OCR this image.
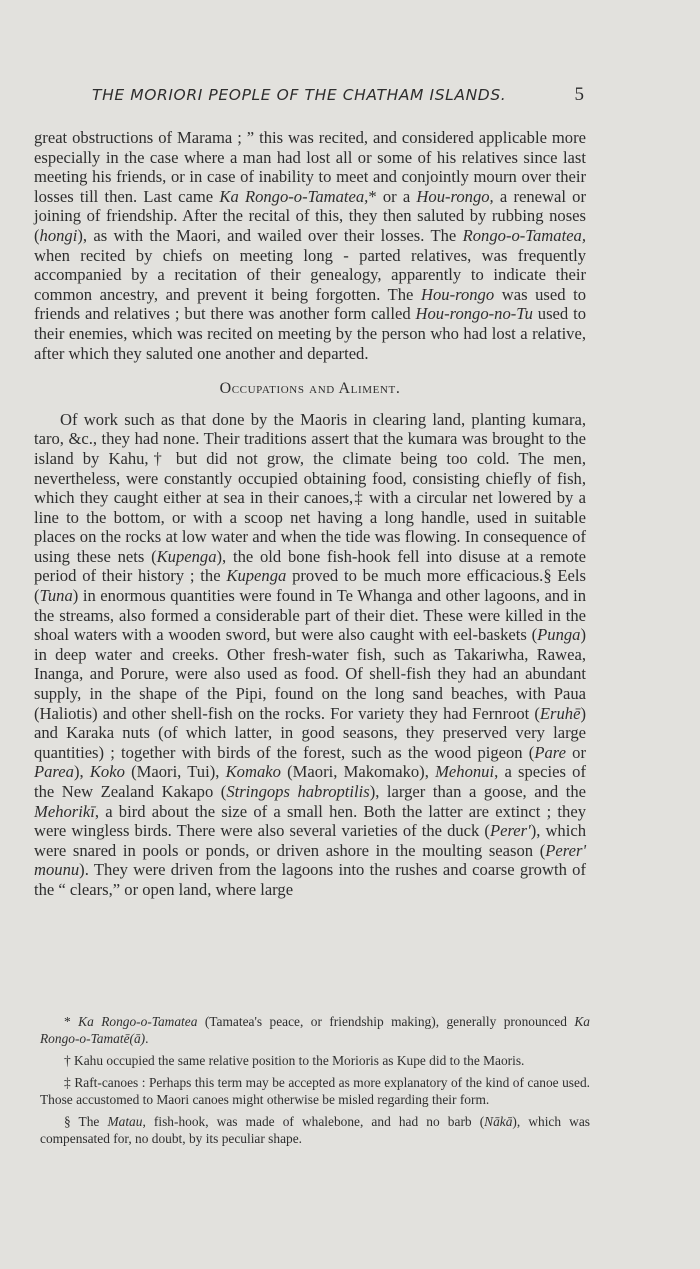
THE MORIORI PEOPLE OF THE CHATHAM ISLANDS.	5

great obstructions of Marama ; ” this was recited, and considered applicable more especially in the case where a man had lost all or some of his relatives since last meeting his friends, or in case of inability to meet and conjointly mourn over their losses till then. Last came Ka Rongo-o-Tamatea,* or a Hou-rongo, a renewal or joining of friendship. After the recital of this, they then saluted by rubbing noses (hongi), as with the Maori, and wailed over their losses. The Rongo-o-Tamatea, when recited by chiefs on meeting long - parted relatives, was frequently accompanied by a recitation of their genealogy, apparently to indicate their common ancestry, and prevent it being forgotten. The Hou-rongo was used to friends and relatives ; but there was another form called Hou-rongo-no-Tu used to their enemies, which was recited on meeting by the person who had lost a relative, after which they saluted one another and departed.

Occupations and Aliment.

Of work such as that done by the Maoris in clearing land, planting kumara, taro, &c., they had none. Their traditions assert that the kumara was brought to the island by Kahu,† but did not grow, the climate being too cold. The men, nevertheless, were constantly occupied obtaining food, consisting chiefly of fish, which they caught either at sea in their canoes,‡ with a circular net lowered by a line to the bottom, or with a scoop net having a long handle, used in suitable places on the rocks at low water and when the tide was flowing. In consequence of using these nets (Kupenga), the old bone fish-hook fell into disuse at a remote period of their history ; the Kupenga proved to be much more efficacious.§ Eels (Tuna) in enormous quantities were found in Te Whanga and other lagoons, and in the streams, also formed a considerable part of their diet. These were killed in the shoal waters with a wooden sword, but were also caught with eel-baskets (Punga) in deep water and creeks. Other fresh-water fish, such as Takariwha, Rawea, Inanga, and Porure, were also used as food. Of shell-fish they had an abundant supply, in the shape of the Pipi, found on the long sand beaches, with Paua (Haliotis) and other shell-fish on the rocks. For variety they had Fernroot (Eruhē) and Karaka nuts (of which latter, in good seasons, they preserved very large quantities) ; together with birds of the forest, such as the wood pigeon (Pare or Parea), Koko (Maori, Tui), Komako (Maori, Makomako), Mehonui, a species of the New Zealand Kakapo (Stringops habroptilis), larger than a goose, and the Mehorikī, a bird about the size of a small hen. Both the latter are extinct ; they were wingless birds. There were also several varieties of the duck (Perer'), which were snared in pools or ponds, or driven ashore in the moulting season (Perer' mounu). They were driven from the lagoons into the rushes and coarse growth of the “ clears,” or open land, where large

* Ka Rongo-o-Tamatea (Tamatea's peace, or friendship making), generally pronounced Ka Rongo-o-Tamatē(ā).

† Kahu occupied the same relative position to the Morioris as Kupe did to the Maoris.

‡ Raft-canoes : Perhaps this term may be accepted as more explanatory of the kind of canoe used. Those accustomed to Maori canoes might otherwise be misled regarding their form.

§ The Matau, fish-hook, was made of whalebone, and had no barb (Nākā), which was compensated for, no doubt, by its peculiar shape.
